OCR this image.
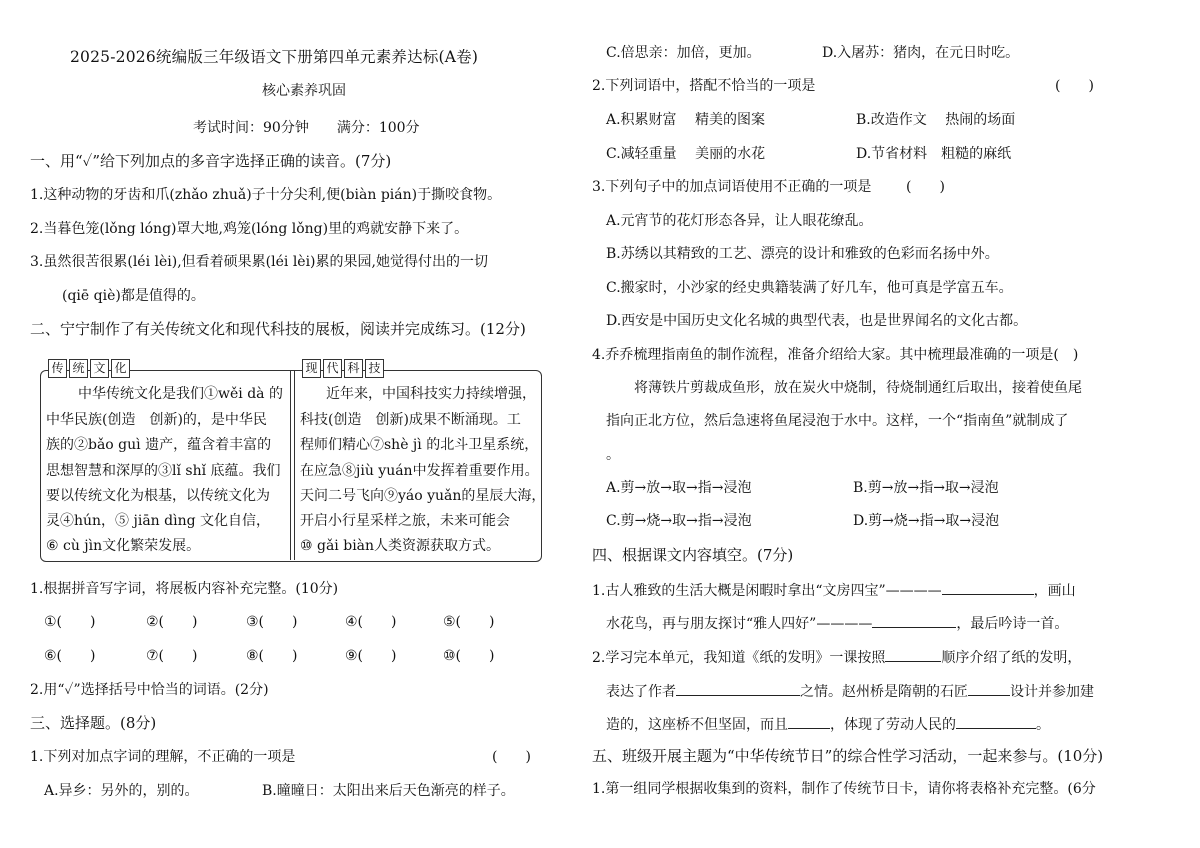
2025-2026统编版三年级语文下册第四单元素养达标(A卷)
核心素养巩固
考试时间：90分钟　　满分：100分
一、用“✓”给下列加点的多音字选择正确的读音。(7分)
1.这种动物的牙齿和爪(zhǎo zhuǎ)子十分尖利,便(biàn pián)于撕咬食物。
2.当暮色笼(lǒng lóng)罩大地,鸡笼(lóng lǒng)里的鸡就安静下来了。
3.虽然很苦很累(léi lèi),但看着硕果累(léi lèi)累的果园,她觉得付出的一切
(qiē qiè)都是值得的。
二、宁宁制作了有关传统文化和现代科技的展板，阅读并完成练习。(12分)
传 统 文 化	现 代 科 技
中华传统文化是我们①wěi dà 的
中华民族(创造　创新)的，是中华民
族的②bǎo guì 遗产，蕴含着丰富的
思想智慧和深厚的③lǐ shǐ 底蕴。我们
要以传统文化为根基，以传统文化为
灵④hún，⑤ jiān dìng 文化自信，
⑥ cù jìn文化繁荣发展。
近年来，中国科技实力持续增强，
科技(创造　创新)成果不断涌现。工
程师们精心⑦shè jì 的北斗卫星系统，
在应急⑧jiù yuán中发挥着重要作用。
天问二号飞向⑨yáo yuǎn的星辰大海，
开启小行星采样之旅，未来可能会
⑩ gǎi biàn人类资源获取方式。
1.根据拼音写字词，将展板内容补充完整。(10分)
①(　　)	②(　　)	③(　　)	④(　　)	⑤(　　)
⑥(　　)	⑦(　　)	⑧(　　)	⑨(　　)	⑩(　　)
2.用“✓”选择括号中恰当的词语。(2分)
三、选择题。(8分)
1.下列对加点字词的理解，不正确的一项是	(　　)
A.异乡：另外的，别的。	B.曈曈日：太阳出来后天色渐亮的样子。
C.倍思亲：加倍，更加。	D.入屠苏：猪肉，在元日时吃。
2.下列词语中，搭配不恰当的一项是	(　　)
A.积累财富　 精美的图案	B.改造作文　 热闹的场面
C.减轻重量　 美丽的水花	D.节省材料　粗糙的麻纸
3.下列句子中的加点词语使用不正确的一项是 (　　)
A.元宵节的花灯形态各异，让人眼花缭乱。
B.苏绣以其精致的工艺、漂亮的设计和雅致的色彩而名扬中外。
C.搬家时，小沙家的经史典籍装满了好几车，他可真是学富五车。
D.西安是中国历史文化名城的典型代表，也是世界闻名的文化古都。
4.乔乔梳理指南鱼的制作流程，准备介绍给大家。其中梳理最准确的一项是(　)
将薄铁片剪裁成鱼形，放在炭火中烧制，待烧制通红后取出，接着使鱼尾
指向正北方位，然后急速将鱼尾浸泡于水中。这样，一个“指南鱼”就制成了
。
A.剪→放→取→指→浸泡	B.剪→放→指→取→浸泡
C.剪→烧→取→指→浸泡	D.剪→烧→指→取→浸泡
四、根据课文内容填空。(7分)
1.古人雅致的生活大概是闲暇时拿出“文房四宝”————	，画山
水花鸟，再与朋友探讨“雅人四好”————	，最后吟诗一首。
2.学习完本单元，我知道《纸的发明》一课按照	顺序介绍了纸的发明，
表达了作者	之情。赵州桥是隋朝的石匠	设计并参加建
造的，这座桥不但坚固，而且	，体现了劳动人民的	。
五、班级开展主题为“中华传统节日”的综合性学习活动，一起来参与。(10分)
1.第一组同学根据收集到的资料，制作了传统节日卡，请你将表格补充完整。(6分
